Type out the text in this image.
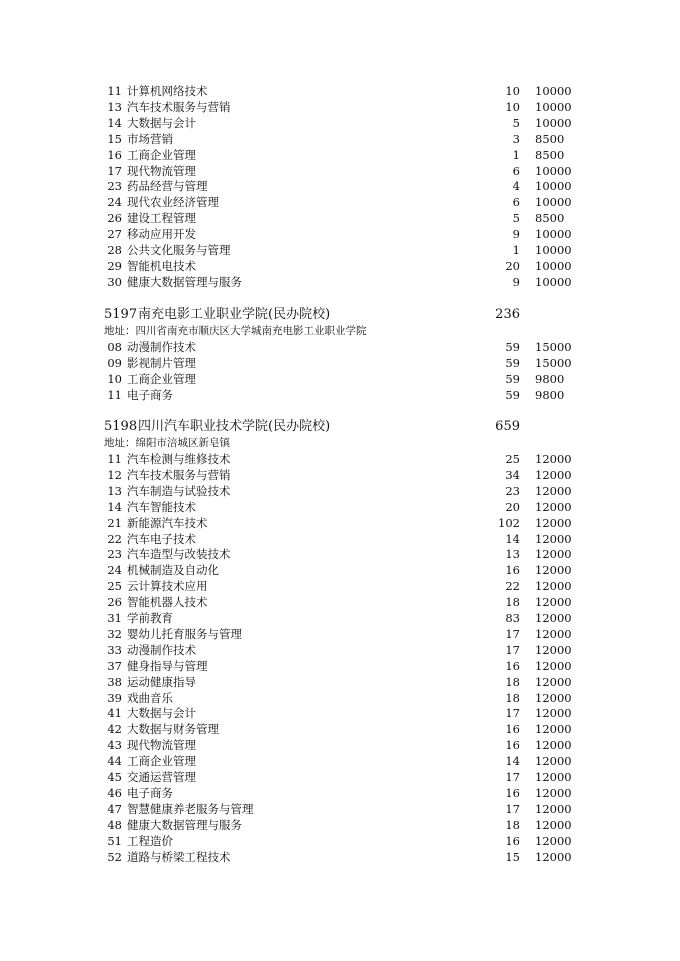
11 计算机网络技术	10 10000
13 汽车技术服务与营销	10 10000
14 大数据与会计	5 10000
15 市场营销	3 8500
16 工商企业管理	1 8500
17 现代物流管理	6 10000
23 药品经营与管理	4 10000
24 现代农业经济管理	6 10000
26 建设工程管理	5 8500
27 移动应用开发	9 10000
28 公共文化服务与管理	1 10000
29 智能机电技术	20 10000
30 健康大数据管理与服务	9 10000
5197 南充电影工业职业学院(民办院校)	236
地址：四川省南充市顺庆区大学城南充电影工业职业学院
08 动漫制作技术	59 15000
09 影视制片管理	59 15000
10 工商企业管理	59 9800
11 电子商务	59 9800
5198 四川汽车职业技术学院(民办院校)	659
地址：绵阳市涪城区新皂镇
11 汽车检测与维修技术	25 12000
12 汽车技术服务与营销	34 12000
13 汽车制造与试验技术	23 12000
14 汽车智能技术	20 12000
21 新能源汽车技术	102 12000
22 汽车电子技术	14 12000
23 汽车造型与改装技术	13 12000
24 机械制造及自动化	16 12000
25 云计算技术应用	22 12000
26 智能机器人技术	18 12000
31 学前教育	83 12000
32 婴幼儿托育服务与管理	17 12000
33 动漫制作技术	17 12000
37 健身指导与管理	16 12000
38 运动健康指导	18 12000
39 戏曲音乐	18 12000
41 大数据与会计	17 12000
42 大数据与财务管理	16 12000
43 现代物流管理	16 12000
44 工商企业管理	14 12000
45 交通运营管理	17 12000
46 电子商务	16 12000
47 智慧健康养老服务与管理	17 12000
48 健康大数据管理与服务	18 12000
51 工程造价	16 12000
52 道路与桥梁工程技术	15 12000
